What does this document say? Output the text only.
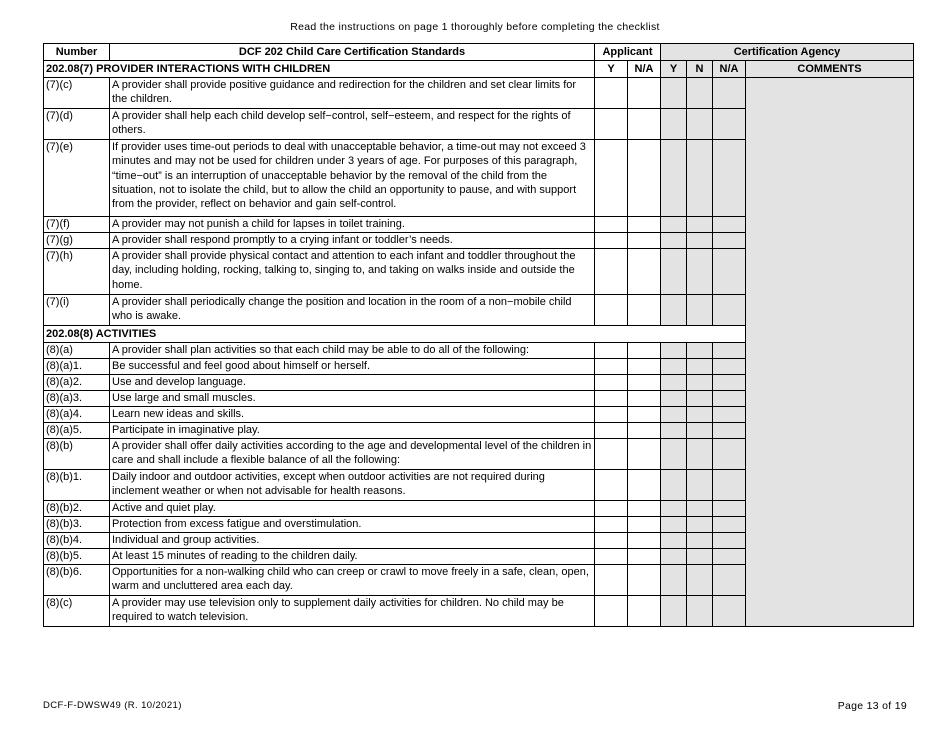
Read the instructions on page 1 thoroughly before completing the checklist
Number	DCF 202 Child Care Certification Standards	Applicant		Certification Agency			
202.08(7) PROVIDER INTERACTIONS WITH CHILDREN		Y	N/A	Y	N	N/A	COMMENTS
(7)(c)	A provider shall provide positive guidance and redirection for the children and set clear limits for the children.						
(7)(d)	A provider shall help each child develop self−control, self−esteem, and respect for the rights of others.						
(7)(e)	If provider uses time-out periods to deal with unacceptable behavior, a time-out may not exceed 3 minutes and may not be used for children under 3 years of age. For purposes of this paragraph, “time−out” is an interruption of unacceptable behavior by the removal of the child from the situation, not to isolate the child, but to allow the child an opportunity to pause, and with support from the provider, reflect on behavior and gain self-control.						
(7)(f)	A provider may not punish a child for lapses in toilet training.						
(7)(g)	A provider shall respond promptly to a crying infant or toddler’s needs.						
(7)(h)	A provider shall provide physical contact and attention to each infant and toddler throughout the day, including holding, rocking, talking to, singing to, and taking on walks inside and outside the home.						
(7)(i)	A provider shall periodically change the position and location in the room of a non−mobile child who is awake.						
202.08(8) ACTIVITIES							
(8)(a)	A provider shall plan activities so that each child may be able to do all of the following:						
(8)(a)1.	Be successful and feel good about himself or herself.						
(8)(a)2.	Use and develop language.						
(8)(a)3.	Use large and small muscles.						
(8)(a)4.	Learn new ideas and skills.						
(8)(a)5.	Participate in imaginative play.						
(8)(b)	A provider shall offer daily activities according to the age and developmental level of the children in care and shall include a flexible balance of all the following:						
(8)(b)1.	Daily indoor and outdoor activities, except when outdoor activities are not required during inclement weather or when not advisable for health reasons.						
(8)(b)2.	Active and quiet play.						
(8)(b)3.	Protection from excess fatigue and overstimulation.						
(8)(b)4.	Individual and group activities.						
(8)(b)5.	At least 15 minutes of reading to the children daily.						
(8)(b)6.	Opportunities for a non-walking child who can creep or crawl to move freely in a safe, clean, open, warm and uncluttered area each day.						
(8)(c)	A provider may use television only to supplement daily activities for children. No child may be required to watch television.						
DCF-F-DWSW49 (R. 10/2021)	Page 13 of 19
